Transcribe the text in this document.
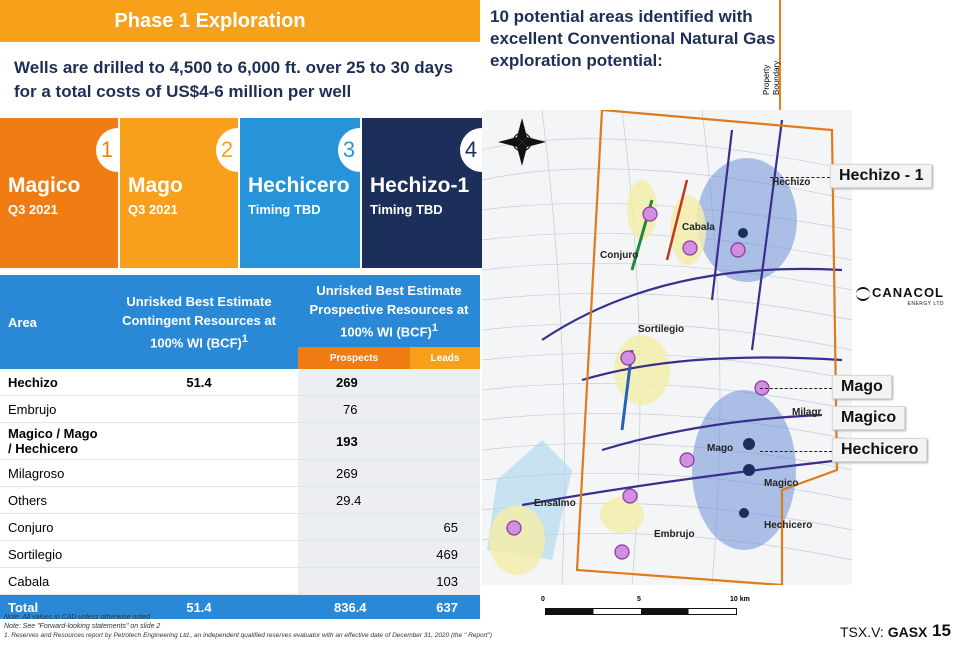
Phase 1 Exploration
Wells are drilled to 4,500 to 6,000 ft. over 25 to 30 days for a total costs of US$4-6 million per well
1
Magico
Q3 2021
2
Mago
Q3 2021
3
Hechicero
Timing TBD
4
Hechizo-1
Timing TBD
Area	Unrisked Best Estimate Contingent Resources at 100% WI (BCF)$^1$	Unrisked Best Estimate Prospective Resources at 100% WI (BCF)$^1$
		Prospects	Leads
Hechizo	51.4	269	
Embrujo		76	
Magico / Mago / Hechicero		193	
Milagroso		269	
Others		29.4	
Conjuro			65
Sortilegio			469
Cabala			103
Total	51.4	836.4	637
Note: All values in CAD unless otherwise noted
Note: See "Forward-looking statements" on slide 2
1. Reserves and Resources report by Petrotech Engineering Ltd., an independent qualified reserves evaluator with an effective date of December 31, 2020 (the " Report")
10 potential areas identified with excellent Conventional Natural Gas exploration potential:
Property Boundary
Cabala
Conjuro
Sortilegio
Ensalmo
Embrujo
Mago
Magico
Hechicero
Hechizo
Milagr
Hechizo - 1
Mago
Magico
Hechicero
CANACOL
ENERGY LTD
0	5	10 km
TSX.V: GASX 15
